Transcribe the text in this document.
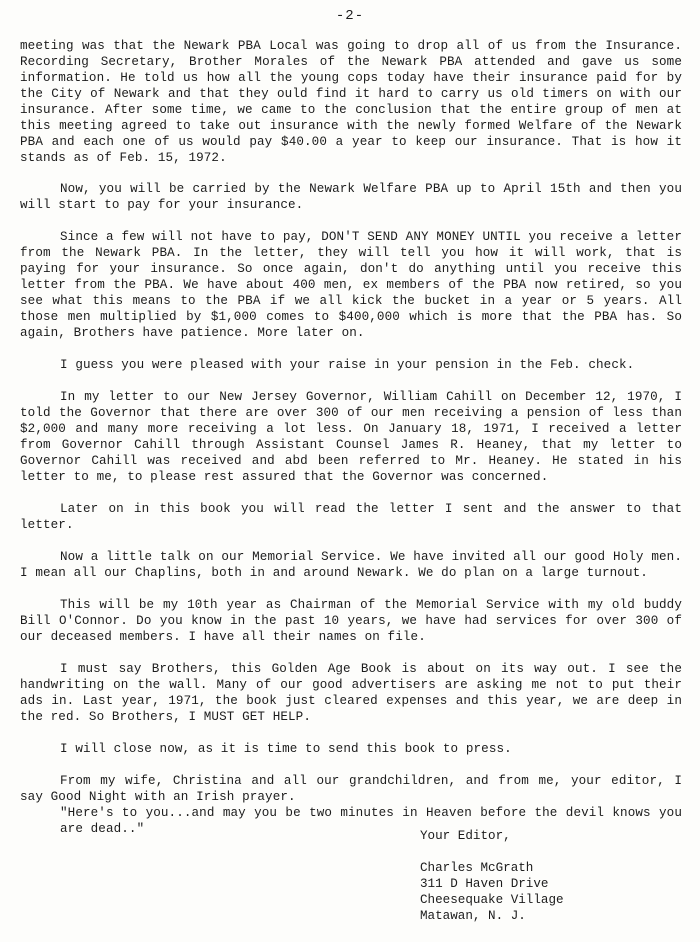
-2-

meeting was that the Newark PBA Local was going to drop all of us from the Insurance. Recording Secretary, Brother Morales of the Newark PBA attended and gave us some information. He told us how all the young cops today have their insurance paid for by the City of Newark and that they ould find it hard to carry us old timers on with our insurance. After some time, we came to the conclusion that the entire group of men at this meeting agreed to take out insurance with the newly formed Welfare of the Newark PBA and each one of us would pay $40.00 a year to keep our insurance. That is how it stands as of Feb. 15, 1972.

Now, you will be carried by the Newark Welfare PBA up to April 15th and then you will start to pay for your insurance.

Since a few will not have to pay, DON'T SEND ANY MONEY UNTIL you receive a letter from the Newark PBA. In the letter, they will tell you how it will work, that is paying for your insurance. So once again, don't do anything until you receive this letter from the PBA. We have about 400 men, ex members of the PBA now retired, so you see what this means to the PBA if we all kick the bucket in a year or 5 years. All those men multiplied by $1,000 comes to $400,000 which is more that the PBA has. So again, Brothers have patience. More later on.

I guess you were pleased with your raise in your pension in the Feb. check.

In my letter to our New Jersey Governor, William Cahill on December 12, 1970, I told the Governor that there are over 300 of our men receiving a pension of less than $2,000 and many more receiving a lot less. On January 18, 1971, I received a letter from Governor Cahill through Assistant Counsel James R. Heaney, that my letter to Governor Cahill was received and abd been referred to Mr. Heaney. He stated in his letter to me, to please rest assured that the Governor was concerned.

Later on in this book you will read the letter I sent and the answer to that letter.

Now a little talk on our Memorial Service. We have invited all our good Holy men. I mean all our Chaplins, both in and around Newark. We do plan on a large turnout.

This will be my 10th year as Chairman of the Memorial Service with my old buddy Bill O'Connor. Do you know in the past 10 years, we have had services for over 300 of our deceased members. I have all their names on file.

I must say Brothers, this Golden Age Book is about on its way out. I see the handwriting on the wall. Many of our good advertisers are asking me not to put their ads in. Last year, 1971, the book just cleared expenses and this year, we are deep in the red. So Brothers, I MUST GET HELP.

I will close now, as it is time to send this book to press.

From my wife, Christina and all our grandchildren, and from me, your editor, I say Good Night with an Irish prayer.

"Here's to you...and may you be two minutes in Heaven before the devil knows you are dead.."	Your Editor,
Charles McGrath
311 D Haven Drive
Cheesequake Village
Matawan, N. J.
